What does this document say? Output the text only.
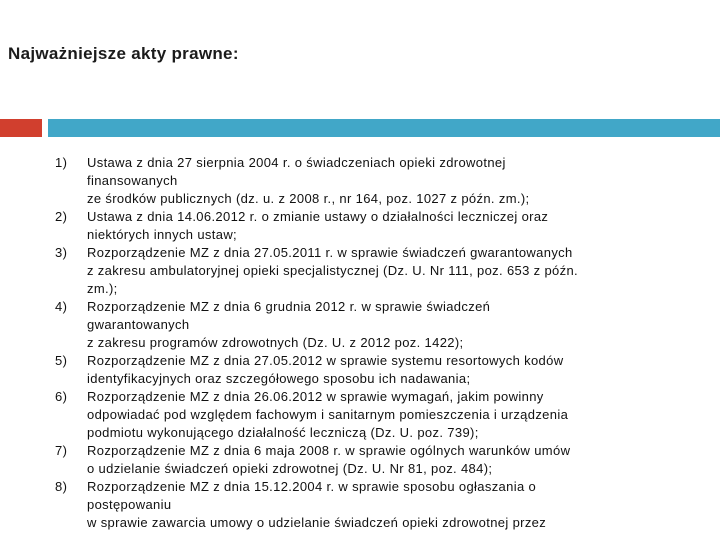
Najważniejsze akty prawne:
1)	Ustawa z dnia 27 sierpnia 2004 r. o świadczeniach opieki zdrowotnej
finansowanych
ze środków publicznych (dz. u. z 2008 r., nr 164, poz. 1027 z późn. zm.);
2)	Ustawa z dnia 14.06.2012 r. o zmianie ustawy o działalności leczniczej oraz
niektórych innych ustaw;
3)	Rozporządzenie MZ z dnia 27.05.2011 r. w sprawie świadczeń gwarantowanych
z zakresu ambulatoryjnej opieki specjalistycznej (Dz. U. Nr 111, poz. 653 z późn.
zm.);
4)	Rozporządzenie MZ z dnia 6 grudnia 2012 r. w sprawie świadczeń
gwarantowanych
z zakresu programów zdrowotnych (Dz. U. z 2012 poz. 1422);
5)	Rozporządzenie MZ z dnia 27.05.2012 w sprawie systemu resortowych kodów
identyfikacyjnych oraz szczegółowego sposobu ich nadawania;
6)	Rozporządzenie MZ z dnia 26.06.2012 w sprawie wymagań, jakim powinny
odpowiadać pod względem fachowym i sanitarnym pomieszczenia i urządzenia
podmiotu wykonującego działalność leczniczą (Dz. U. poz. 739);
7)	Rozporządzenie MZ z dnia 6 maja 2008 r. w sprawie ogólnych warunków umów
o udzielanie świadczeń opieki zdrowotnej (Dz. U. Nr 81, poz. 484);
8)	Rozporządzenie MZ z dnia 15.12.2004 r. w sprawie sposobu ogłaszania o
postępowaniu
w sprawie zawarcia umowy o udzielanie świadczeń opieki zdrowotnej przez
